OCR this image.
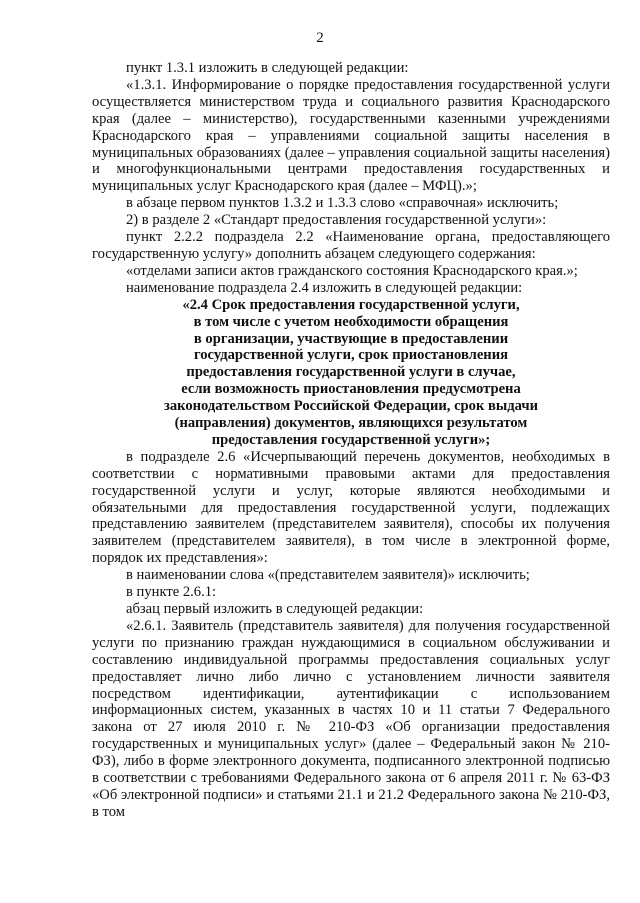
2

пункт 1.3.1 изложить в следующей редакции:

«1.3.1. Информирование о порядке предоставления государственной услуги осуществляется министерством труда и социального развития Краснодарского края (далее – министерство), государственными казенными учреждениями Краснодарского края – управлениями социальной защиты населения в муниципальных образованиях (далее – управления социальной защиты населения) и многофункциональными центрами предоставления государственных и муниципальных услуг Краснодарского края (далее – МФЦ).»;

в абзаце первом пунктов 1.3.2 и 1.3.3 слово «справочная» исключить;

2) в разделе 2 «Стандарт предоставления государственной услуги»:

пункт 2.2.2 подраздела 2.2 «Наименование органа, предоставляющего государственную услугу» дополнить абзацем следующего содержания:

«отделами записи актов гражданского состояния Краснодарского края.»;

наименование подраздела 2.4 изложить в следующей редакции:

«2.4 Срок предоставления государственной услуги,

в том числе с учетом необходимости обращения

в организации, участвующие в предоставлении

государственной услуги, срок приостановления

предоставления государственной услуги в случае,

если возможность приостановления предусмотрена

законодательством Российской Федерации, срок выдачи

(направления) документов, являющихся результатом

предоставления государственной услуги»;

в подразделе 2.6 «Исчерпывающий перечень документов, необходимых в соответствии с нормативными правовыми актами для предоставления государственной услуги и услуг, которые являются необходимыми и обязательными для предоставления государственной услуги, подлежащих представлению заявителем (представителем заявителя), способы их получения заявителем (представителем заявителя), в том числе в электронной форме, порядок их представления»:

в наименовании слова «(представителем заявителя)» исключить;

в пункте 2.6.1:

абзац первый изложить в следующей редакции:

«2.6.1. Заявитель (представитель заявителя) для получения государственной услуги по признанию граждан нуждающимися в социальном обслуживании и составлению индивидуальной программы предоставления социальных услуг предоставляет лично либо лично с установлением личности заявителя посредством идентификации, аутентификации с использованием информационных систем, указанных в частях 10 и 11 статьи 7 Федерального закона от 27 июля 2010 г. № 210-ФЗ «Об организации предоставления государственных и муниципальных услуг» (далее – Федеральный закон № 210-ФЗ), либо в форме электронного документа, подписанного электронной подписью в соответствии с требованиями Федерального закона от 6 апреля 2011 г. № 63-ФЗ «Об электронной подписи» и статьями 21.1 и 21.2 Федерального закона № 210-ФЗ, в том
